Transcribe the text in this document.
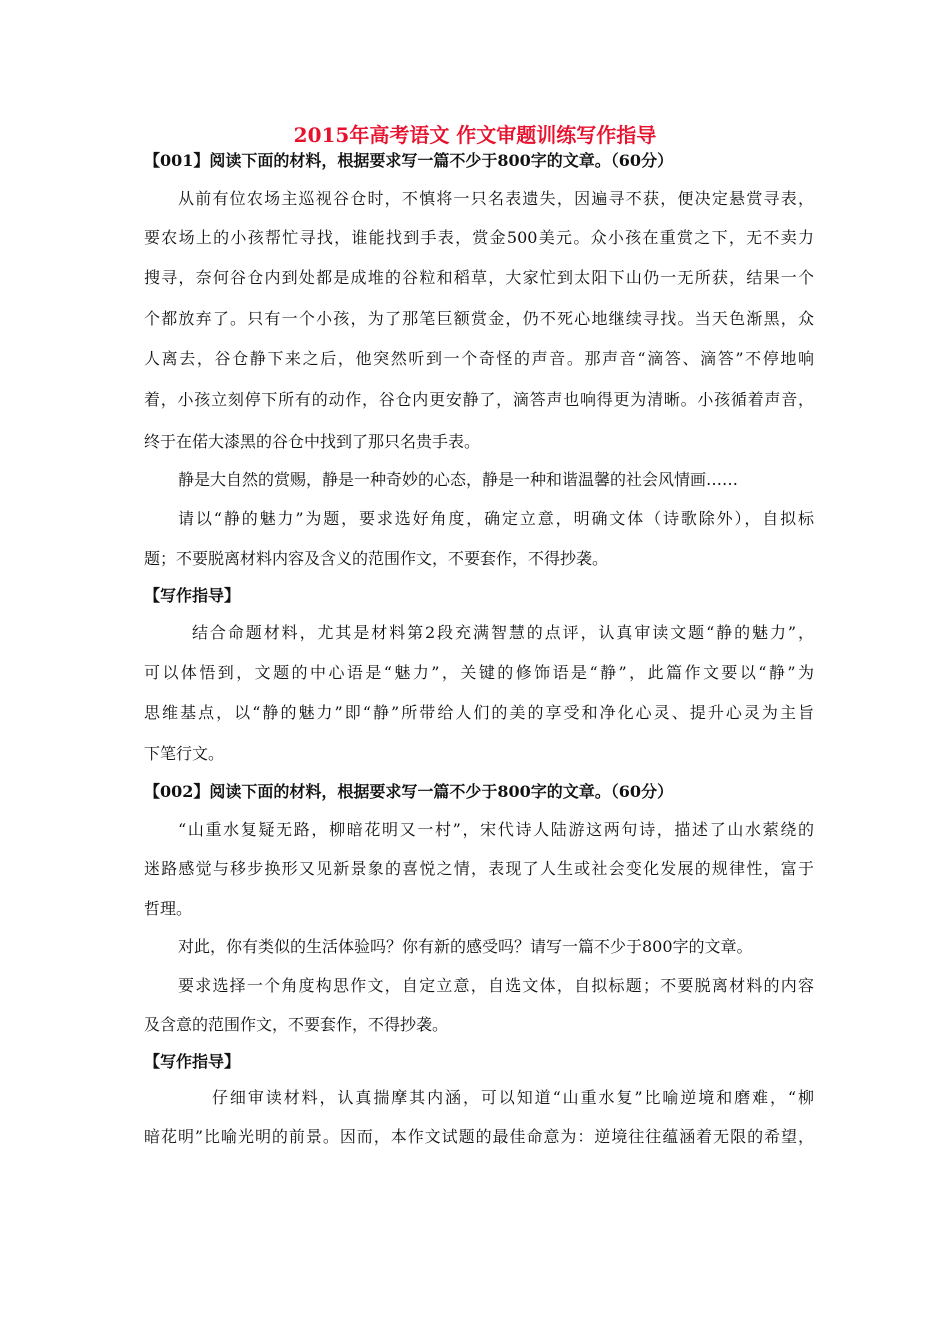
2015年高考语文 作文审题训练写作指导

【001】阅读下面的材料，根据要求写一篇不少于800字的文章。（60分）

从前有位农场主巡视谷仓时，不慎将一只名表遗失，因遍寻不获，便决定悬赏寻表，

要农场上的小孩帮忙寻找，谁能找到手表，赏金500美元。众小孩在重赏之下，无不卖力

搜寻，奈何谷仓内到处都是成堆的谷粒和稻草，大家忙到太阳下山仍一无所获，结果一个

个都放弃了。只有一个小孩，为了那笔巨额赏金，仍不死心地继续寻找。当天色渐黑，众

人离去，谷仓静下来之后，他突然听到一个奇怪的声音。那声音“滴答、滴答”不停地响

着，小孩立刻停下所有的动作，谷仓内更安静了，滴答声也响得更为清晰。小孩循着声音，

终于在偌大漆黑的谷仓中找到了那只名贵手表。

静是大自然的赏赐，静是一种奇妙的心态，静是一种和谐温馨的社会风情画……

请以“静的魅力”为题，要求选好角度，确定立意，明确文体（诗歌除外），自拟标

题；不要脱离材料内容及含义的范围作文，不要套作，不得抄袭。

【写作指导】

结合命题材料，尤其是材料第2段充满智慧的点评，认真审读文题“静的魅力”，

可以体悟到，文题的中心语是“魅力”，关键的修饰语是“静”，此篇作文要以“静”为

思维基点，以“静的魅力”即“静”所带给人们的美的享受和净化心灵、提升心灵为主旨

下笔行文。

【002】阅读下面的材料，根据要求写一篇不少于800字的文章。（60分）

“山重水复疑无路，柳暗花明又一村”，宋代诗人陆游这两句诗，描述了山水萦绕的

迷路感觉与移步换形又见新景象的喜悦之情，表现了人生或社会变化发展的规律性，富于

哲理。

对此，你有类似的生活体验吗？你有新的感受吗？请写一篇不少于800字的文章。

要求选择一个角度构思作文，自定立意，自选文体，自拟标题；不要脱离材料的内容

及含意的范围作文，不要套作，不得抄袭。

【写作指导】

仔细审读材料，认真揣摩其内涵，可以知道“山重水复”比喻逆境和磨难，“柳

暗花明”比喻光明的前景。因而，本作文试题的最佳命意为：逆境往往蕴涵着无限的希望，
